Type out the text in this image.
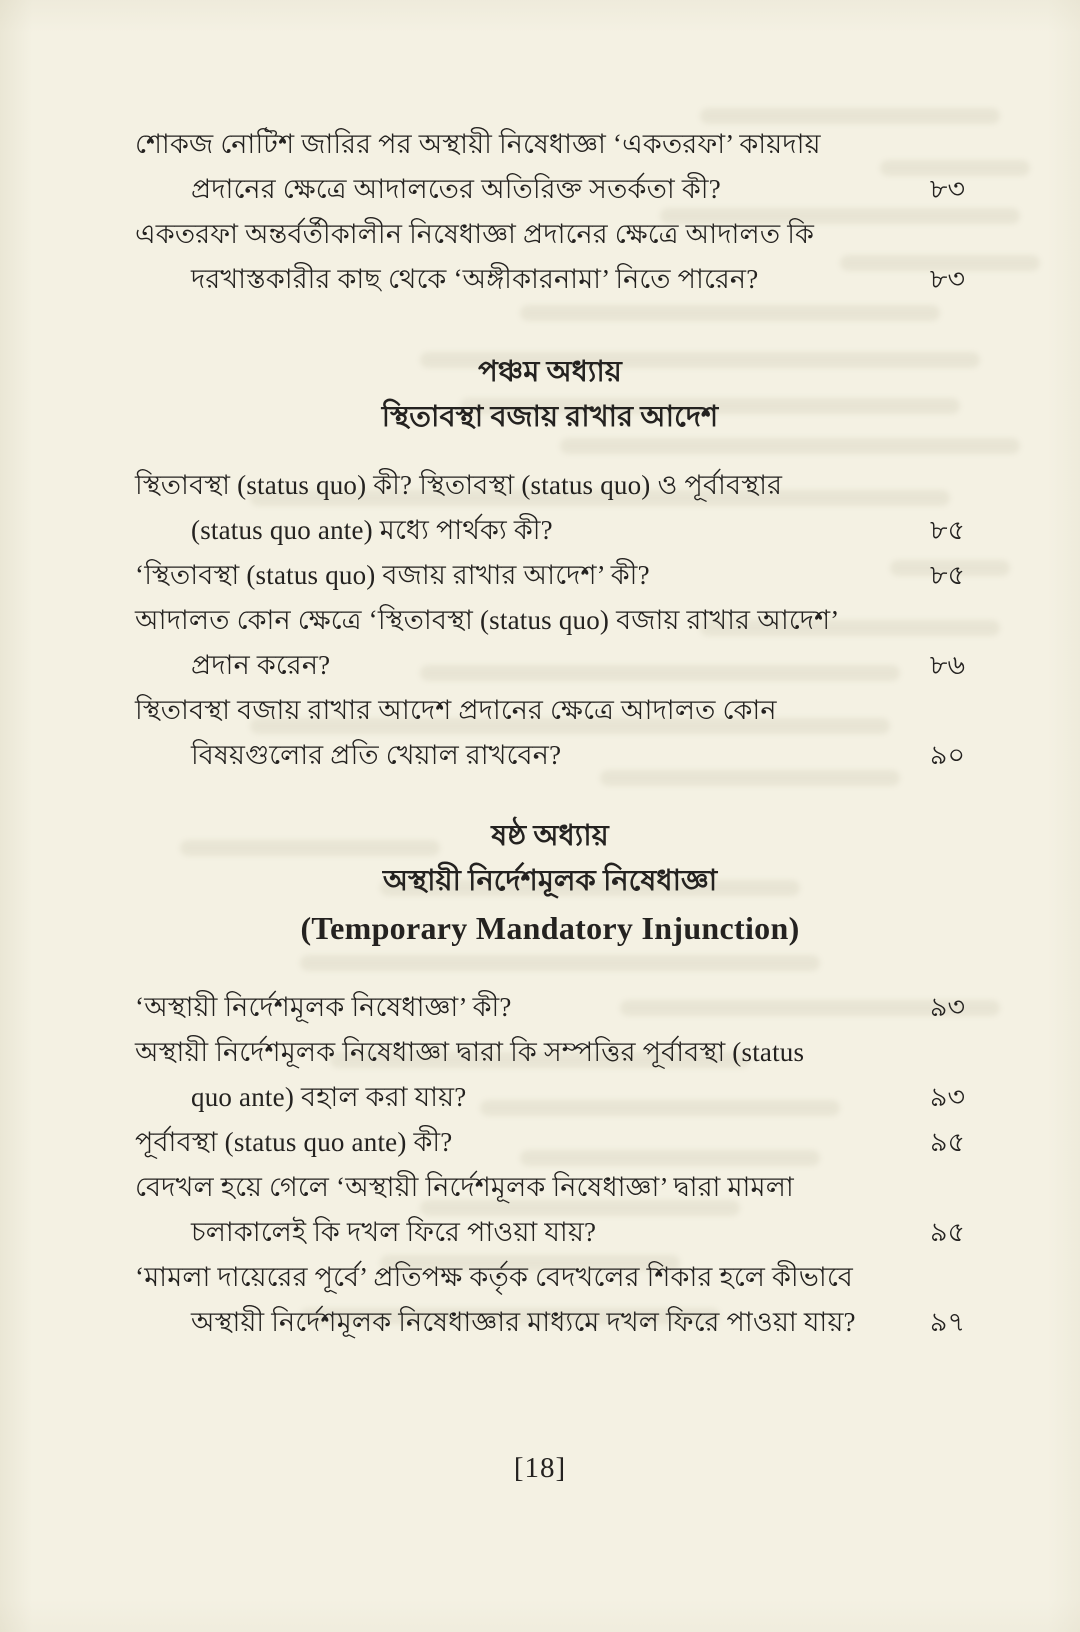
শোকজ নোটিশ জারির পর অস্থায়ী নিষেধাজ্ঞা ‘একতরফা’ কায়দায়
প্রদানের ক্ষেত্রে আদালতের অতিরিক্ত সতর্কতা কী?	৮৩
একতরফা অন্তর্বর্তীকালীন নিষেধাজ্ঞা প্রদানের ক্ষেত্রে আদালত কি
দরখাস্তকারীর কাছ থেকে ‘অঙ্গীকারনামা’ নিতে পারেন?	৮৩
পঞ্চম অধ্যায়
স্থিতাবস্থা বজায় রাখার আদেশ
স্থিতাবস্থা (status quo) কী? স্থিতাবস্থা (status quo) ও পূর্বাবস্থার
(status quo ante) মধ্যে পার্থক্য কী?	৮৫
‘স্থিতাবস্থা (status quo) বজায় রাখার আদেশ’ কী?	৮৫
আদালত কোন ক্ষেত্রে ‘স্থিতাবস্থা (status quo) বজায় রাখার আদেশ’
প্রদান করেন?	৮৬
স্থিতাবস্থা বজায় রাখার আদেশ প্রদানের ক্ষেত্রে আদালত কোন
বিষয়গুলোর প্রতি খেয়াল রাখবেন?	৯০
ষষ্ঠ অধ্যায়
অস্থায়ী নির্দেশমূলক নিষেধাজ্ঞা
(Temporary Mandatory Injunction)
‘অস্থায়ী নির্দেশমূলক নিষেধাজ্ঞা’ কী?	৯৩
অস্থায়ী নির্দেশমূলক নিষেধাজ্ঞা দ্বারা কি সম্পত্তির পূর্বাবস্থা (status
quo ante) বহাল করা যায়?	৯৩
পূর্বাবস্থা (status quo ante) কী?	৯৫
বেদখল হয়ে গেলে ‘অস্থায়ী নির্দেশমূলক নিষেধাজ্ঞা’ দ্বারা মামলা
চলাকালেই কি দখল ফিরে পাওয়া যায়?	৯৫
‘মামলা দায়েরের পূর্বে’ প্রতিপক্ষ কর্তৃক বেদখলের শিকার হলে কীভাবে
অস্থায়ী নির্দেশমূলক নিষেধাজ্ঞার মাধ্যমে দখল ফিরে পাওয়া যায়?	৯৭
[18]
